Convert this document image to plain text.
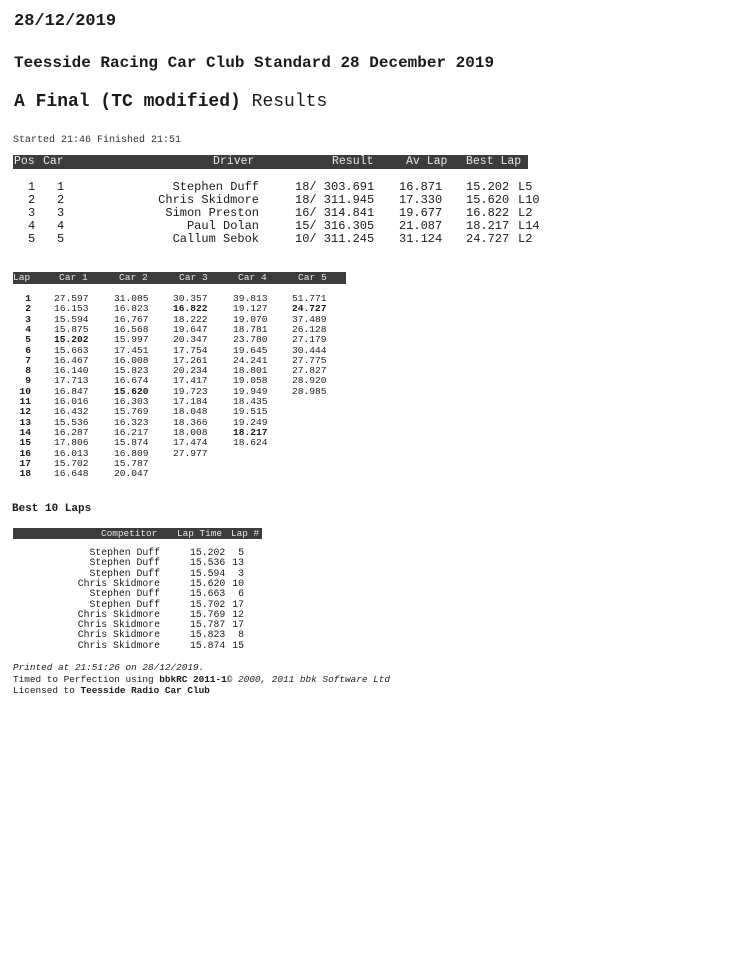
28/12/2019
Teesside Racing Car Club Standard 28 December 2019
A Final (TC modified) Results
Started 21:46 Finished 21:51
Pos Car	Driver	Result	Av Lap Best Lap
1 1	Stephen Duff	18/ 303.691 16.871 15.202 L5
2 2	Chris Skidmore	18/ 311.945 17.330 15.620 L10
3 3	Simon Preston	16/ 314.841 19.677 16.822 L2
4 4	Paul Dolan	15/ 316.305 21.087 18.217 L14
5 5	Callum Sebok	10/ 311.245 31.124 24.727 L2
Lap	Car 1	Car 2	Car 3	Car 4	Car 5
1 27.597	31.085	30.357	39.813	51.771
2 16.153	16.823	16.822	19.127	24.727
3 15.594	16.767	18.222	19.070	37.489
4 15.875	16.568	19.647	18.781	26.128
5 15.202	15.997	20.347	23.780	27.179
6 15.663	17.451	17.754	19.645	30.444
7 16.467	16.008	17.261	24.241	27.775
8 16.140	15.823	20.234	18.801	27.827
9 17.713	16.674	17.417	19.058	28.920
10 16.847	15.620	19.723	19.949	28.985
11 16.016	16.303	17.184	18.435
12 16.432	15.769	18.048	19.515
13 15.536	16.323	18.366	19.249
14 16.287	16.217	18.008	18.217
15 17.806	15.874	17.474	18.624
16 16.013	16.809	27.977
17 15.702	15.787
18 16.648	20.047
Best 10 Laps
Competitor Lap Time Lap #
Stephen Duff	15.202 5
Stephen Duff	15.536 13
Stephen Duff	15.594 3
Chris Skidmore	15.620 10
Stephen Duff	15.663 6
Stephen Duff	15.702 17
Chris Skidmore	15.769 12
Chris Skidmore	15.787 17
Chris Skidmore	15.823 8
Chris Skidmore	15.874 15
Printed at 21:51:26 on 28/12/2019.
Timed to Perfection using bbkRC 2011-1© 2000, 2011 bbk Software Ltd
Licensed to Teesside Radio Car Club
